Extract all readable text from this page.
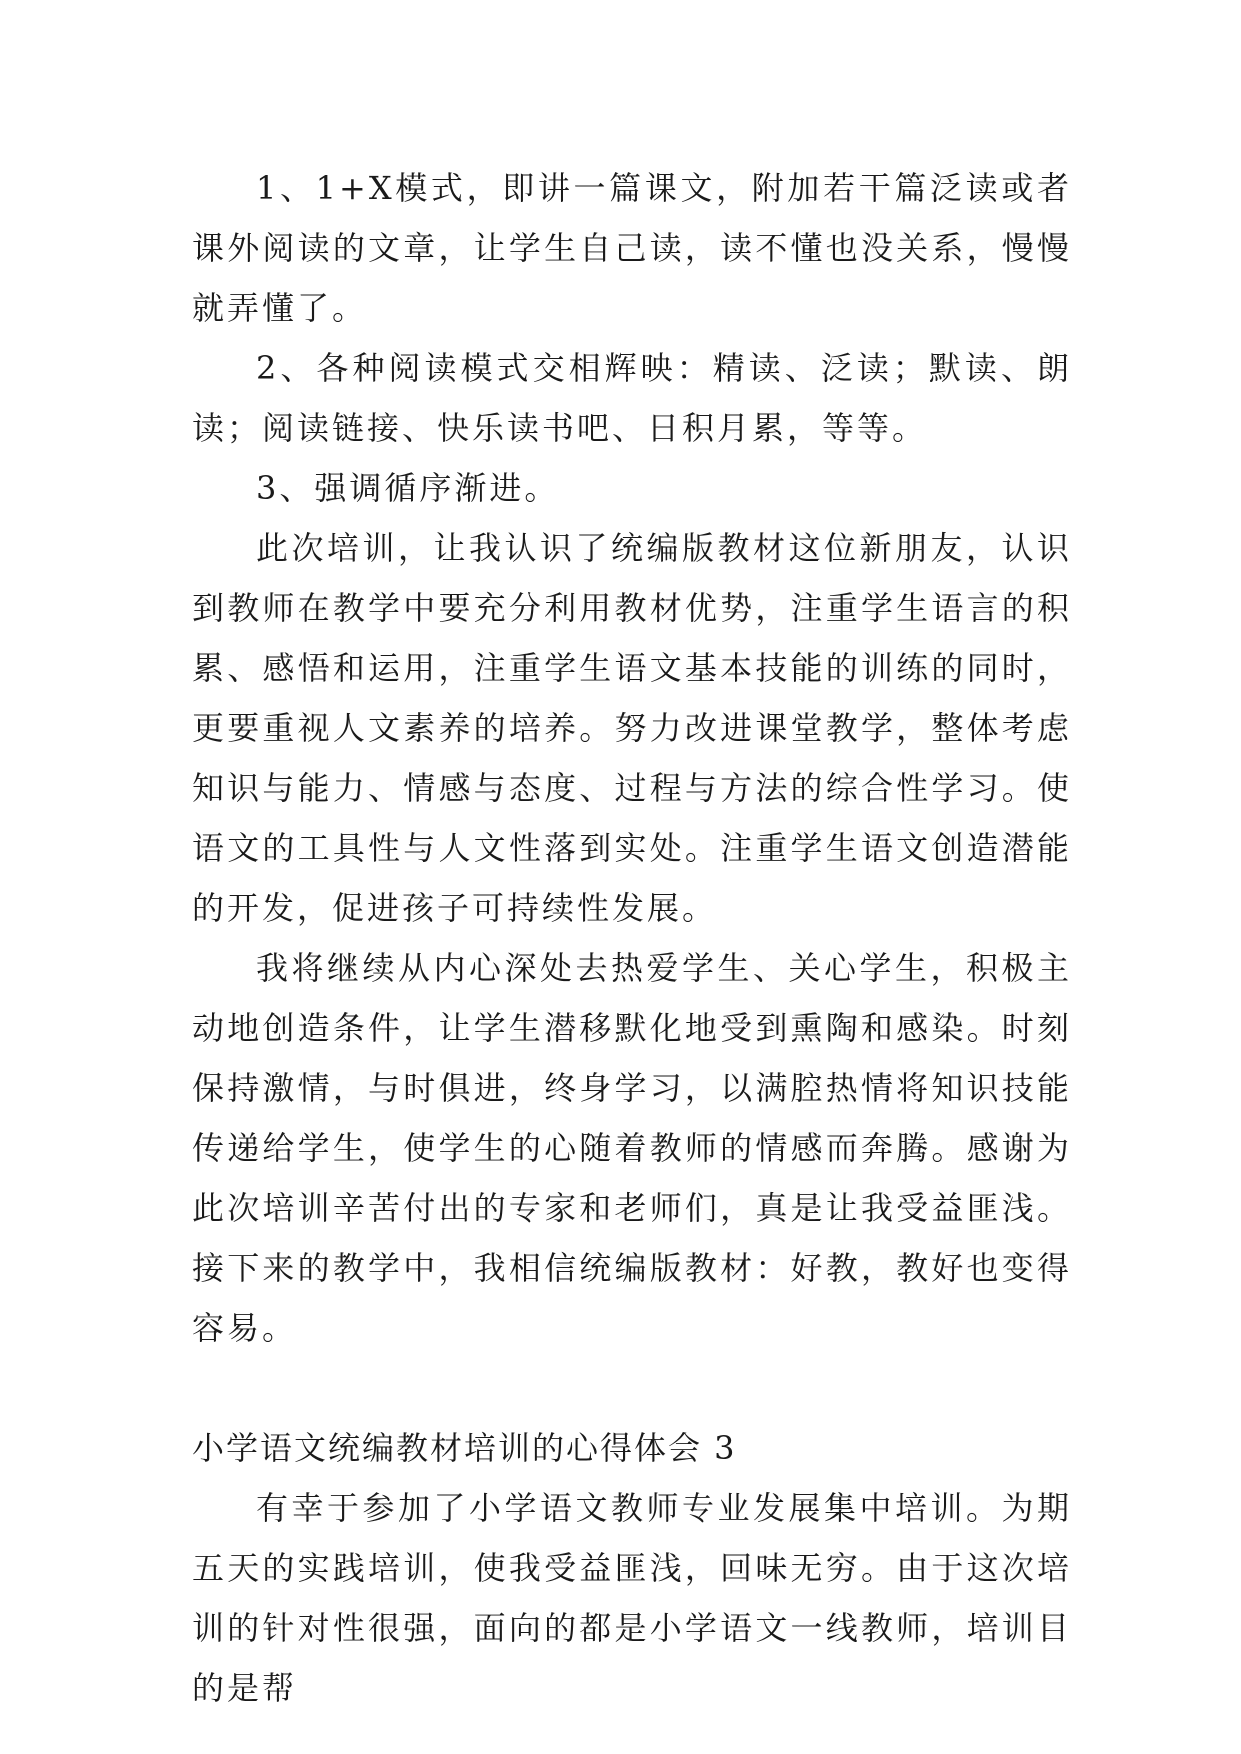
1、1+X模式，即讲一篇课文，附加若干篇泛读或者课外阅读的文章，让学生自己读，读不懂也没关系，慢慢就弄懂了。

2、各种阅读模式交相辉映：精读、泛读；默读、朗读；阅读链接、快乐读书吧、日积月累，等等。

3、强调循序渐进。

此次培训，让我认识了统编版教材这位新朋友，认识到教师在教学中要充分利用教材优势，注重学生语言的积累、感悟和运用，注重学生语文基本技能的训练的同时，更要重视人文素养的培养。努力改进课堂教学，整体考虑知识与能力、情感与态度、过程与方法的综合性学习。使语文的工具性与人文性落到实处。注重学生语文创造潜能的开发，促进孩子可持续性发展。

我将继续从内心深处去热爱学生、关心学生，积极主动地创造条件，让学生潜移默化地受到熏陶和感染。时刻保持激情，与时俱进，终身学习，以满腔热情将知识技能传递给学生，使学生的心随着教师的情感而奔腾。感谢为此次培训辛苦付出的专家和老师们，真是让我受益匪浅。接下来的教学中，我相信统编版教材：好教，教好也变得容易。

小学语文统编教材培训的心得体会 3

有幸于参加了小学语文教师专业发展集中培训。为期五天的实践培训，使我受益匪浅，回味无穷。由于这次培训的针对性很强，面向的都是小学语文一线教师，培训目的是帮
